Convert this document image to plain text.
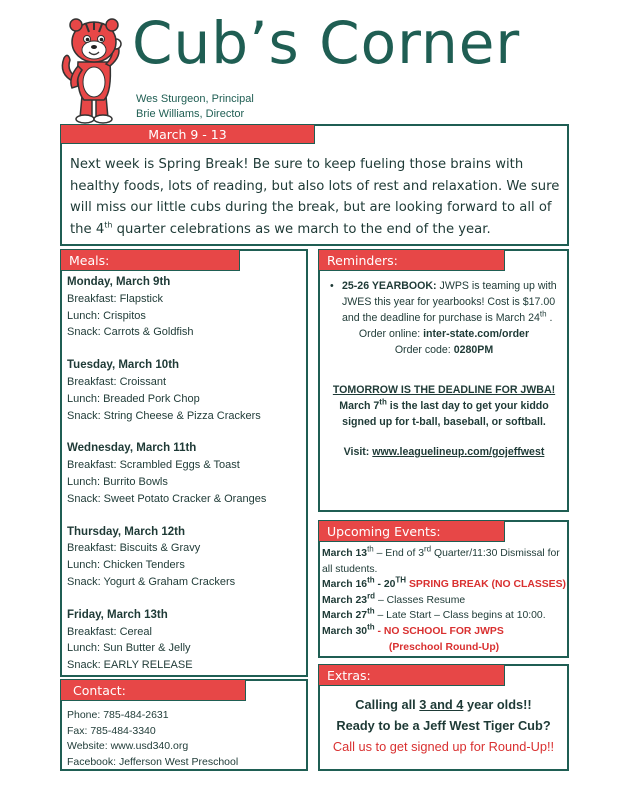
Cub’s Corner
Wes Sturgeon, Principal
Brie Williams, Director
March 9 - 13
Next week is Spring Break! Be sure to keep fueling those brains with healthy foods, lots of reading, but also lots of rest and relaxation. We sure will miss our little cubs during the break, but are looking forward to all of the 4th quarter celebrations as we march to the end of the year.
Meals:
Monday, March 9th
Breakfast: Flapstick
Lunch: Crispitos
Snack: Carrots & Goldfish
Tuesday, March 10th
Breakfast: Croissant
Lunch: Breaded Pork Chop
Snack: String Cheese & Pizza Crackers
Wednesday, March 11th
Breakfast: Scrambled Eggs & Toast
Lunch: Burrito Bowls
Snack: Sweet Potato Cracker & Oranges
Thursday, March 12th
Breakfast: Biscuits & Gravy
Lunch: Chicken Tenders
Snack: Yogurt & Graham Crackers
Friday, March 13th
Breakfast: Cereal
Lunch: Sun Butter & Jelly
Snack: EARLY RELEASE
Contact:
Phone: 785-484-2631
Fax: 785-484-3340
Website: www.usd340.org
Facebook: Jefferson West Preschool
Reminders:
• 25-26 YEARBOOK: JWPS is teaming up with JWES this year for yearbooks! Cost is $17.00 and the deadline for purchase is March 24th .
Order online: inter-state.com/order
Order code: 0280PM
TOMORROW IS THE DEADLINE FOR JWBA!
March 7th is the last day to get your kiddo signed up for t-ball, baseball, or softball.
Visit: www.leaguelineup.com/gojeffwest
Upcoming Events:
March 13th – End of 3rd Quarter/11:30 Dismissal for all students.
March 16th - 20TH SPRING BREAK (NO CLASSES)
March 23rd – Classes Resume
March 27th – Late Start – Class begins at 10:00.
March 30th - NO SCHOOL FOR JWPS
(Preschool Round-Up)
Extras:
Calling all 3 and 4 year olds!!
Ready to be a Jeff West Tiger Cub?
Call us to get signed up for Round-Up!!
